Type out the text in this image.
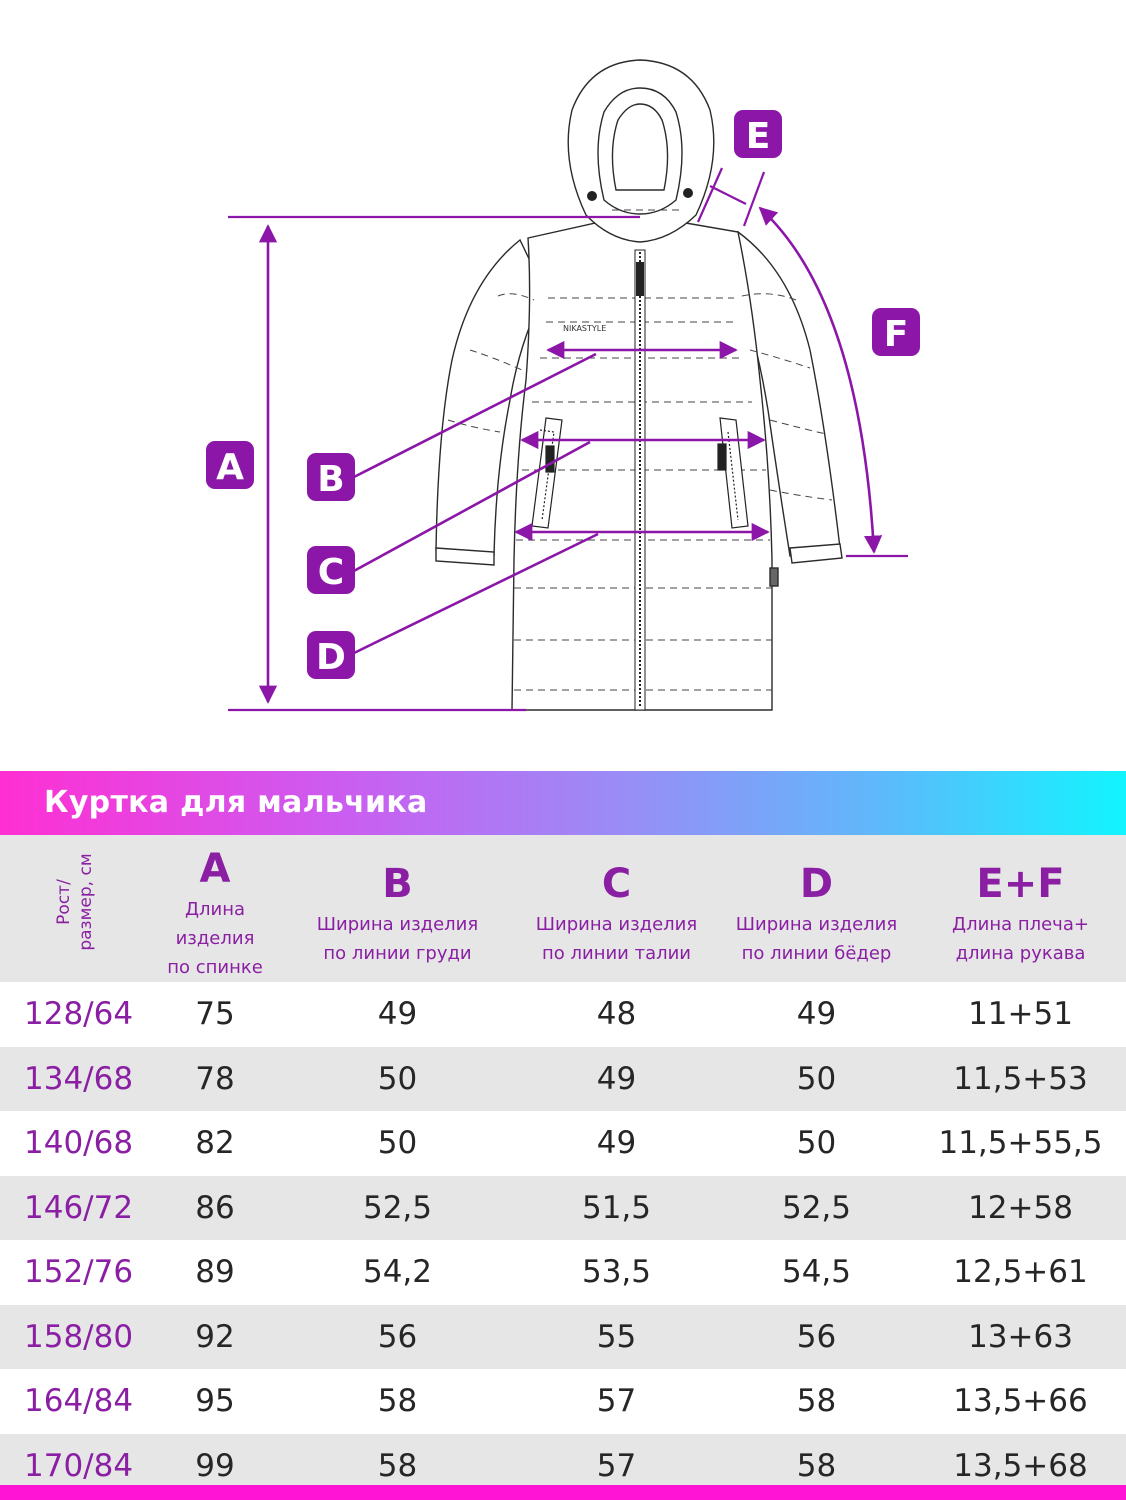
NIKASTYLE
A B
C
D
E
F
Куртка для мальчика
Рост/ размер, см	A
Длина изделия
по спинке	B
Ширина изделия
по линии груди	C
Ширина изделия
по линии талии	D
Ширина изделия
по линии бёдер	E+F
Длина плеча+
длина рукава

128/64	75	49	48	49	11+51
134/68	78	50	49	50	11,5+53
140/68	82	50	49	50	11,5+55,5
146/72	86	52,5	51,5	52,5	12+58
152/76	89	54,2	53,5	54,5	12,5+61
158/80	92	56	55	56	13+63
164/84	95	58	57	58	13,5+66
170/84	99	58	57	58	13,5+68
